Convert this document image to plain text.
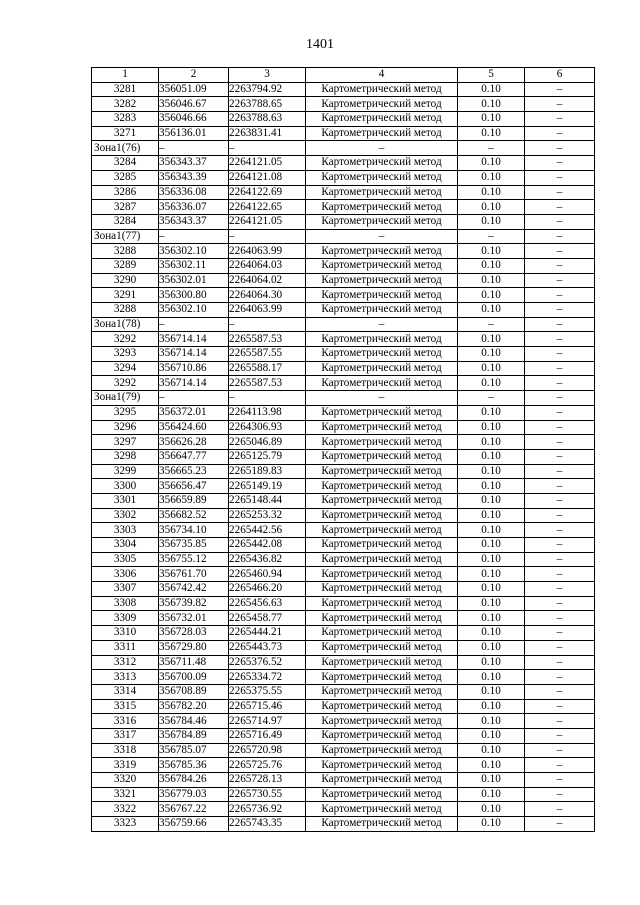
1401
1	2	3	4	5	6
3281	356051.09	2263794.92	Картометрический метод	0.10	–
3282	356046.67	2263788.65	Картометрический метод	0.10	–
3283	356046.66	2263788.63	Картометрический метод	0.10	–
3271	356136.01	2263831.41	Картометрический метод	0.10	–
Зона1(76)	–	–	–	–	–
3284	356343.37	2264121.05	Картометрический метод	0.10	–
3285	356343.39	2264121.08	Картометрический метод	0.10	–
3286	356336.08	2264122.69	Картометрический метод	0.10	–
3287	356336.07	2264122.65	Картометрический метод	0.10	–
3284	356343.37	2264121.05	Картометрический метод	0.10	–
Зона1(77)	–	–	–	–	–
3288	356302.10	2264063.99	Картометрический метод	0.10	–
3289	356302.11	2264064.03	Картометрический метод	0.10	–
3290	356302.01	2264064.02	Картометрический метод	0.10	–
3291	356300.80	2264064.30	Картометрический метод	0.10	–
3288	356302.10	2264063.99	Картометрический метод	0.10	–
Зона1(78)	–	–	–	–	–
3292	356714.14	2265587.53	Картометрический метод	0.10	–
3293	356714.14	2265587.55	Картометрический метод	0.10	–
3294	356710.86	2265588.17	Картометрический метод	0.10	–
3292	356714.14	2265587.53	Картометрический метод	0.10	–
Зона1(79)	–	–	–	–	–
3295	356372.01	2264113.98	Картометрический метод	0.10	–
3296	356424.60	2264306.93	Картометрический метод	0.10	–
3297	356626.28	2265046.89	Картометрический метод	0.10	–
3298	356647.77	2265125.79	Картометрический метод	0.10	–
3299	356665.23	2265189.83	Картометрический метод	0.10	–
3300	356656.47	2265149.19	Картометрический метод	0.10	–
3301	356659.89	2265148.44	Картометрический метод	0.10	–
3302	356682.52	2265253.32	Картометрический метод	0.10	–
3303	356734.10	2265442.56	Картометрический метод	0.10	–
3304	356735.85	2265442.08	Картометрический метод	0.10	–
3305	356755.12	2265436.82	Картометрический метод	0.10	–
3306	356761.70	2265460.94	Картометрический метод	0.10	–
3307	356742.42	2265466.20	Картометрический метод	0.10	–
3308	356739.82	2265456.63	Картометрический метод	0.10	–
3309	356732.01	2265458.77	Картометрический метод	0.10	–
3310	356728.03	2265444.21	Картометрический метод	0.10	–
3311	356729.80	2265443.73	Картометрический метод	0.10	–
3312	356711.48	2265376.52	Картометрический метод	0.10	–
3313	356700.09	2265334.72	Картометрический метод	0.10	–
3314	356708.89	2265375.55	Картометрический метод	0.10	–
3315	356782.20	2265715.46	Картометрический метод	0.10	–
3316	356784.46	2265714.97	Картометрический метод	0.10	–
3317	356784.89	2265716.49	Картометрический метод	0.10	–
3318	356785.07	2265720.98	Картометрический метод	0.10	–
3319	356785.36	2265725.76	Картометрический метод	0.10	–
3320	356784.26	2265728.13	Картометрический метод	0.10	–
3321	356779.03	2265730.55	Картометрический метод	0.10	–
3322	356767.22	2265736.92	Картометрический метод	0.10	–
3323	356759.66	2265743.35	Картометрический метод	0.10	–
